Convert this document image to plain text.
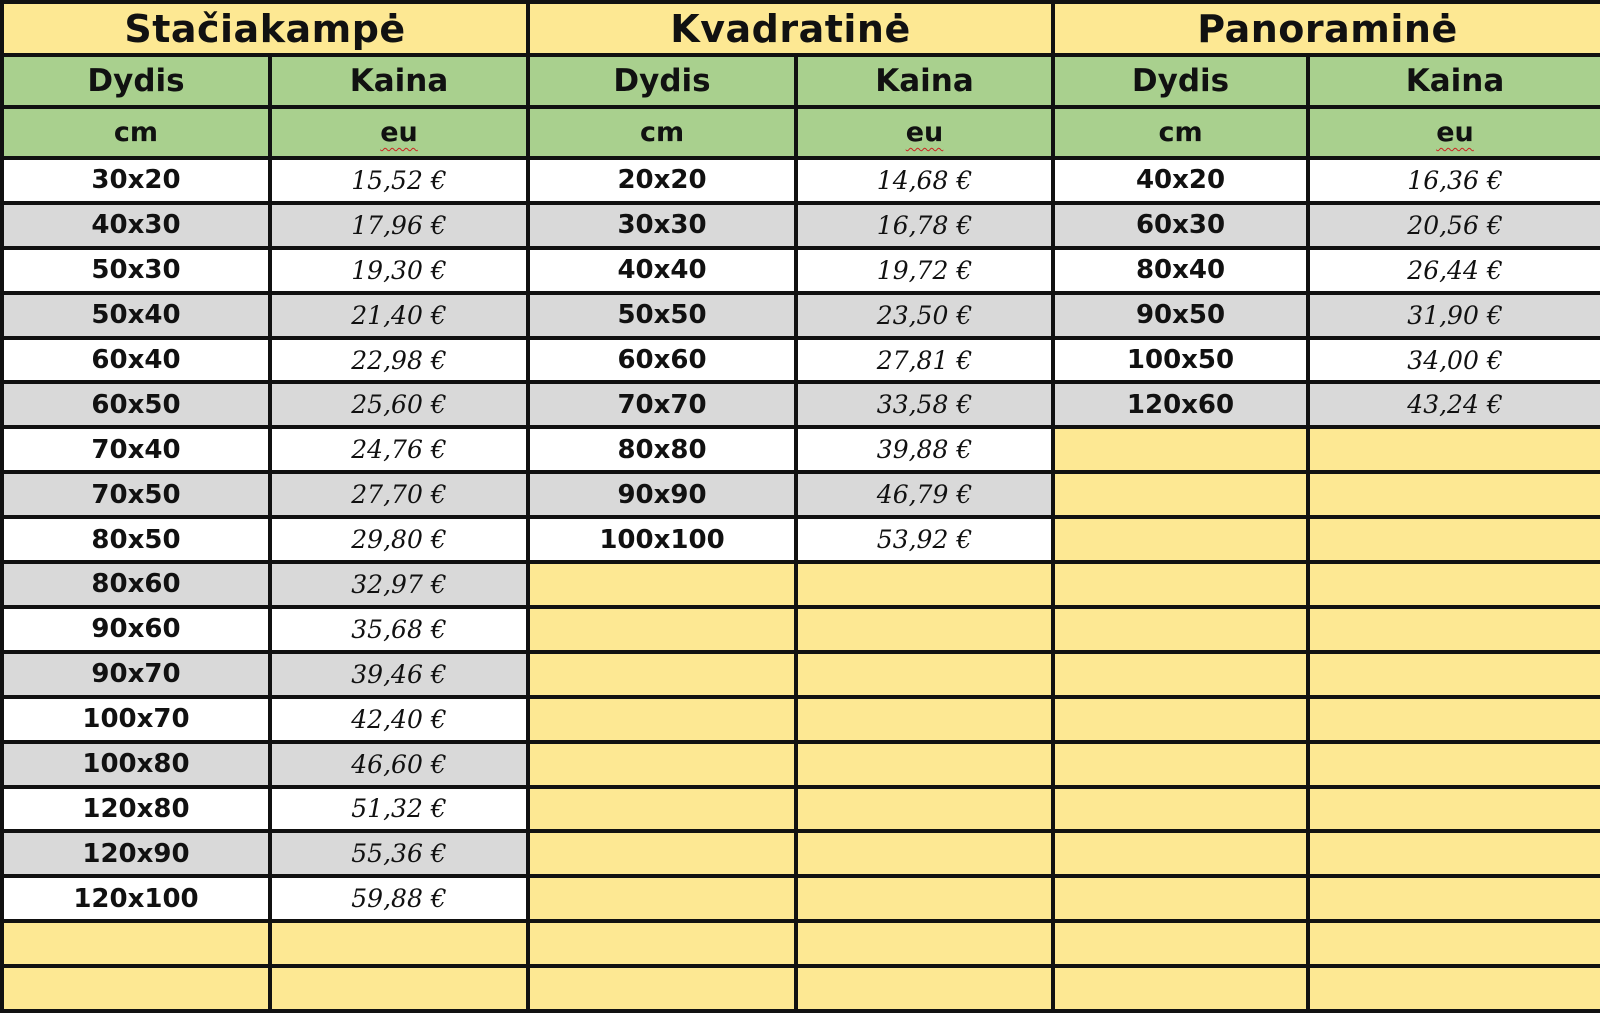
Stačiakampė		Kvadratinė		Panoraminė	
Dydis	Kaina	Dydis	Kaina	Dydis	Kaina
cm	eu	cm	eu	cm	eu
30x20	15,52 €	20x20	14,68 €	40x20	16,36 €
40x30	17,96 €	30x30	16,78 €	60x30	20,56 €
50x30	19,30 €	40x40	19,72 €	80x40	26,44 €
50x40	21,40 €	50x50	23,50 €	90x50	31,90 €
60x40	22,98 €	60x60	27,81 €	100x50	34,00 €
60x50	25,60 €	70x70	33,58 €	120x60	43,24 €
70x40	24,76 €	80x80	39,88 €		
70x50	27,70 €	90x90	46,79 €		
80x50	29,80 €	100x100	53,92 €		
80x60	32,97 €				
90x60	35,68 €				
90x70	39,46 €				
100x70	42,40 €				
100x80	46,60 €				
120x80	51,32 €				
120x90	55,36 €				
120x100	59,88 €				
